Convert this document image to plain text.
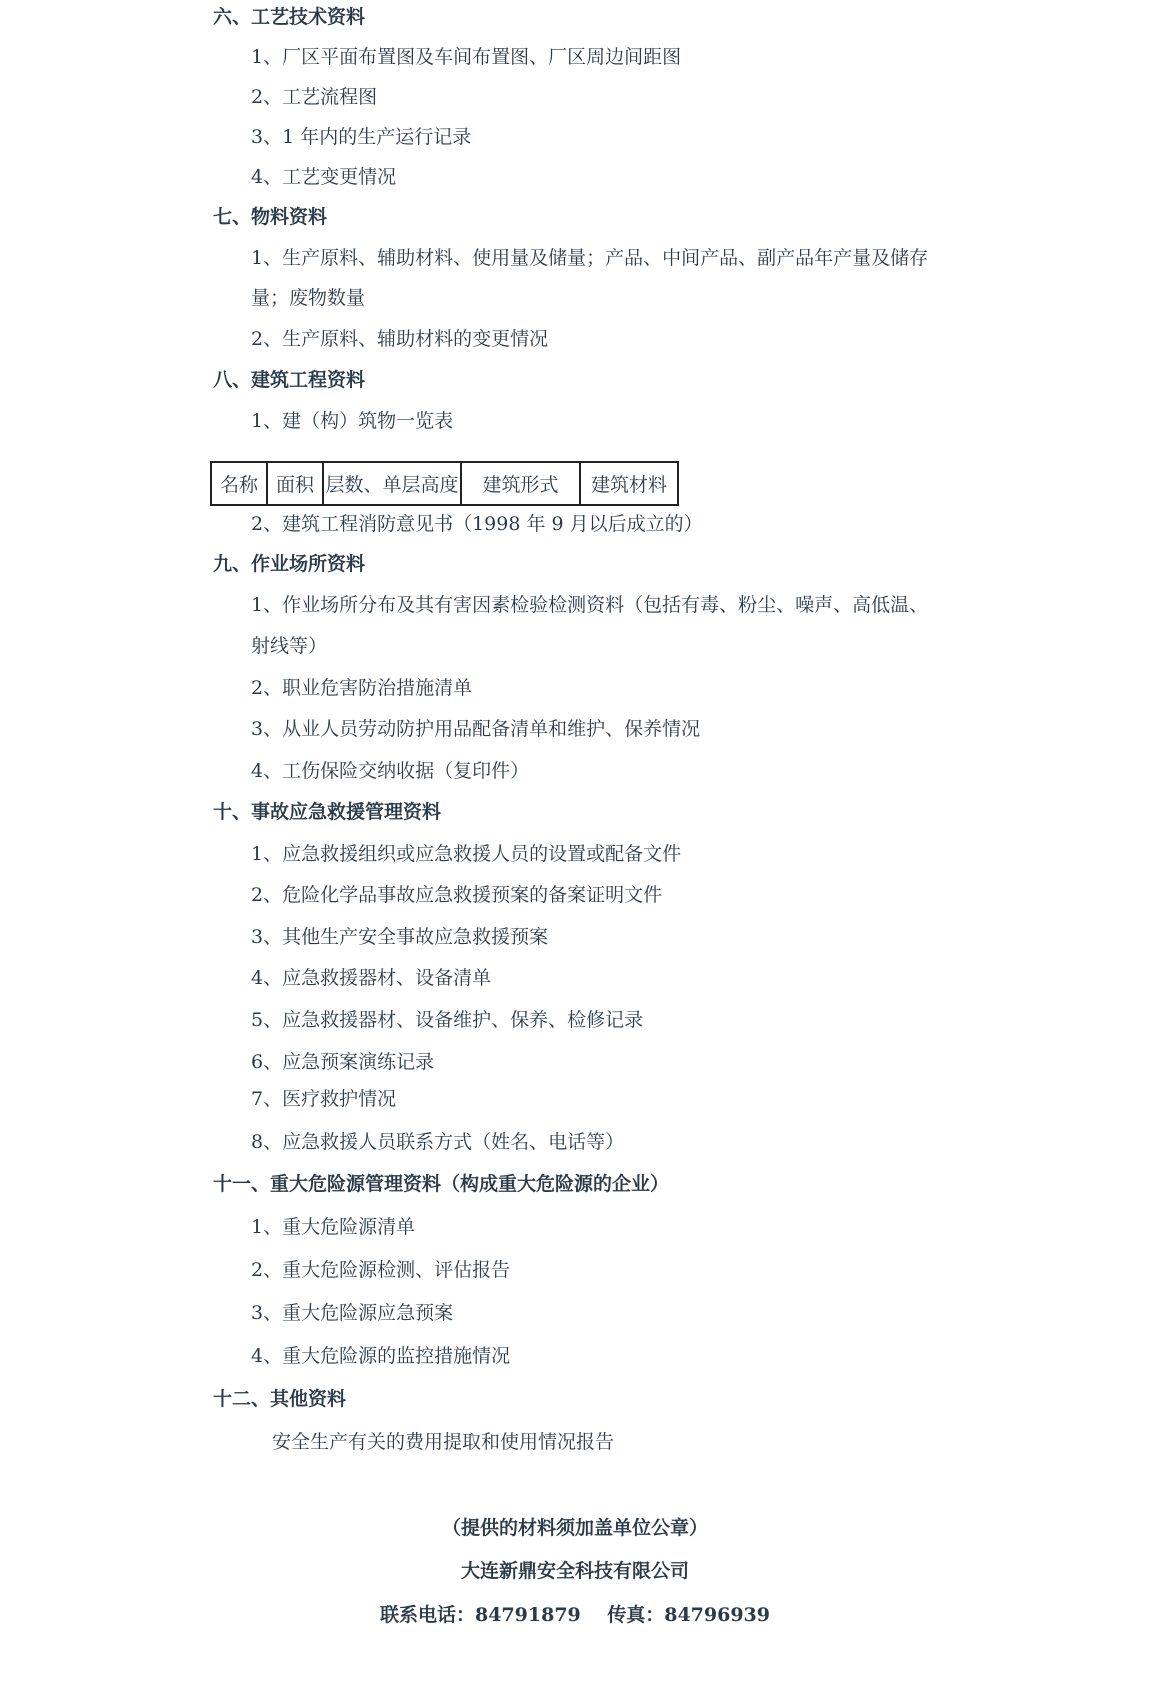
六、工艺技术资料
1、厂区平面布置图及车间布置图、厂区周边间距图
2、工艺流程图
3、1 年内的生产运行记录
4、工艺变更情况
七、物料资料
1、生产原料、辅助材料、使用量及储量；产品、中间产品、副产品年产量及储存
量；废物数量
2、生产原料、辅助材料的变更情况
八、建筑工程资料
1、建（构）筑物一览表
名称	面积	层数、单层高度	建筑形式	建筑材料
2、建筑工程消防意见书（1998 年 9 月以后成立的）
九、作业场所资料
1、作业场所分布及其有害因素检验检测资料（包括有毒、粉尘、噪声、高低温、
射线等）
2、职业危害防治措施清单
3、从业人员劳动防护用品配备清单和维护、保养情况
4、工伤保险交纳收据（复印件）
十、事故应急救援管理资料
1、应急救援组织或应急救援人员的设置或配备文件
2、危险化学品事故应急救援预案的备案证明文件
3、其他生产安全事故应急救援预案
4、应急救援器材、设备清单
5、应急救援器材、设备维护、保养、检修记录
6、应急预案演练记录
7、医疗救护情况
8、应急救援人员联系方式（姓名、电话等）
十一、重大危险源管理资料（构成重大危险源的企业）
1、重大危险源清单
2、重大危险源检测、评估报告
3、重大危险源应急预案
4、重大危险源的监控措施情况
十二、其他资料
安全生产有关的费用提取和使用情况报告
（提供的材料须加盖单位公章）
大连新鼎安全科技有限公司
联系电话：84791879    传真：84796939
